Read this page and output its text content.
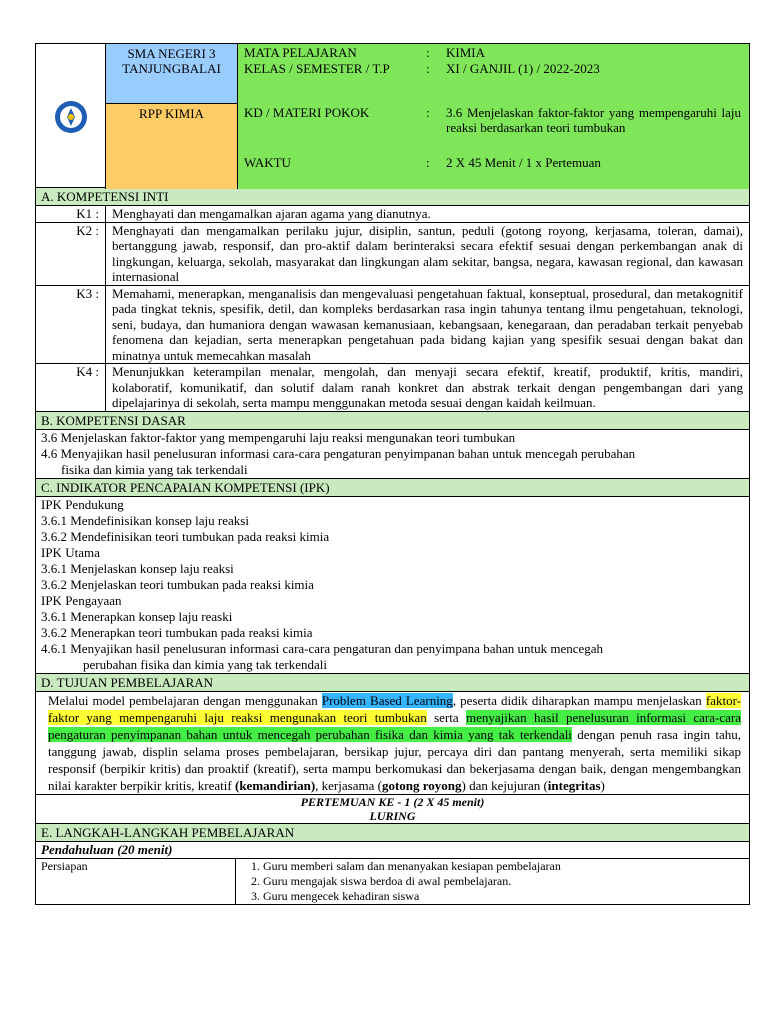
SMA NEGERI 3 TANJUNGBALAI
RPP KIMIA
MATA PELAJARAN	: KIMIA
KELAS / SEMESTER / T.P	: XI / GANJIL (1) / 2022-2023
KD / MATERI POKOK	: 3.6 Menjelaskan faktor-faktor yang mempengaruhi laju reaksi berdasarkan teori tumbukan
WAKTU	: 2 X 45 Menit / 1 x Pertemuan
A. KOMPETENSI INTI
K1 :	Menghayati dan mengamalkan ajaran agama yang dianutnya.
K2 :	Menghayati dan mengamalkan perilaku jujur, disiplin, santun, peduli (gotong royong, kerjasama, toleran, damai), bertanggung jawab, responsif, dan pro-aktif dalam berinteraksi secara efektif sesuai dengan perkembangan anak di lingkungan, keluarga, sekolah, masyarakat dan lingkungan alam sekitar, bangsa, negara, kawasan regional, dan kawasan internasional
K3 :	Memahami, menerapkan, menganalisis dan mengevaluasi pengetahuan faktual, konseptual, prosedural, dan metakognitif pada tingkat teknis, spesifik, detil, dan kompleks berdasarkan rasa ingin tahunya tentang ilmu pengetahuan, teknologi, seni, budaya, dan humaniora dengan wawasan kemanusiaan, kebangsaan, kenegaraan, dan peradaban terkait penyebab fenomena dan kejadian, serta menerapkan pengetahuan pada bidang kajian yang spesifik sesuai dengan bakat dan minatnya untuk memecahkan masalah
K4 :	Menunjukkan keterampilan menalar, mengolah, dan menyaji secara efektif, kreatif, produktif, kritis, mandiri, kolaboratif, komunikatif, dan solutif dalam ranah konkret dan abstrak terkait dengan pengembangan dari yang dipelajarinya di sekolah, serta mampu menggunakan metoda sesuai dengan kaidah keilmuan.
B. KOMPETENSI DASAR
3.6 Menjelaskan faktor-faktor yang mempengaruhi laju reaksi mengunakan teori tumbukan
4.6 Menyajikan hasil penelusuran informasi cara-cara pengaturan penyimpanan bahan untuk mencegah perubahan
fisika dan kimia yang tak terkendali
C. INDIKATOR PENCAPAIAN KOMPETENSI (IPK)
IPK Pendukung
3.6.1 Mendefinisikan konsep laju reaksi
3.6.2 Mendefinisikan teori tumbukan pada reaksi kimia
IPK Utama
3.6.1 Menjelaskan konsep laju reaksi
3.6.2 Menjelaskan teori tumbukan pada reaksi kimia
IPK Pengayaan
3.6.1 Menerapkan konsep laju reaski
3.6.2 Menerapkan teori tumbukan pada reaksi kimia
4.6.1 Menyajikan hasil penelusuran informasi cara-cara pengaturan dan penyimpana bahan untuk mencegah
perubahan fisika dan kimia yang tak terkendali
D. TUJUAN PEMBELAJARAN
Melalui model pembelajaran dengan menggunakan Problem Based Learning, peserta didik diharapkan mampu menjelaskan faktor-faktor yang mempengaruhi laju reaksi mengunakan teori tumbukan serta menyajikan hasil penelusuran informasi cara-cara pengaturan penyimpanan bahan untuk mencegah perubahan fisika dan kimia yang tak terkendali dengan penuh rasa ingin tahu, tanggung jawab, displin selama proses pembelajaran, bersikap jujur, percaya diri dan pantang menyerah, serta memiliki sikap responsif (berpikir kritis) dan proaktif (kreatif), serta mampu berkomukasi dan bekerjasama dengan baik, dengan mengembangkan nilai karakter berpikir kritis, kreatif (kemandirian), kerjasama (gotong royong) dan kejujuran (integritas)
PERTEMUAN KE - 1 (2 X 45 menit)
LURING
E. LANGKAH-LANGKAH PEMBELAJARAN
Pendahuluan (20 menit)
Persiapan
1.	Guru memberi salam dan menanyakan kesiapan pembelajaran
2. Guru mengajak siswa berdoa di awal pembelajaran.
3. Guru mengecek kehadiran siswa
